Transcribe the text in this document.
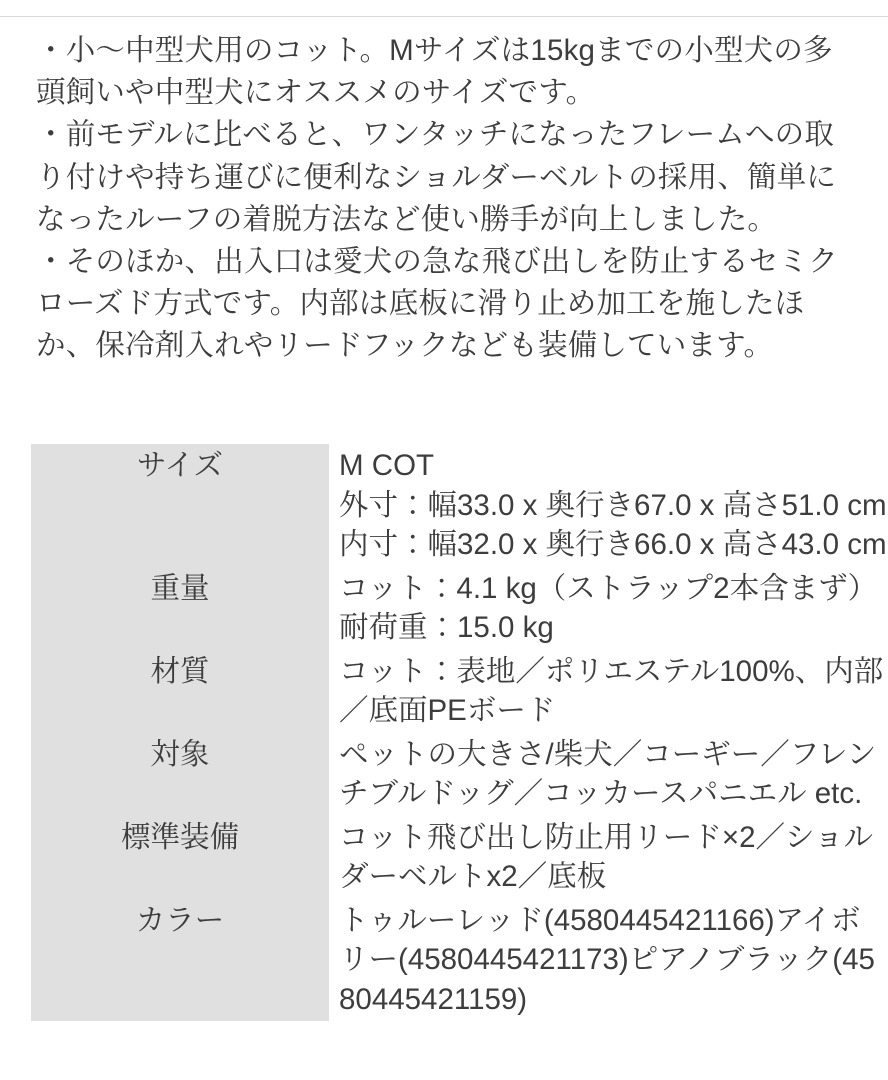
・小〜中型犬用のコット。Mサイズは15kgまでの小型犬の多頭飼いや中型犬にオススメのサイズです。

・前モデルに比べると、ワンタッチになったフレームへの取り付けや持ち運びに便利なショルダーベルトの採用、簡単になったルーフの着脱方法など使い勝手が向上しました。

・そのほか、出入口は愛犬の急な飛び出しを防止するセミクローズド方式です。内部は底板に滑り止め加工を施したほか、保冷剤入れやリードフックなども装備しています。

サイズ	M COT
外寸：幅33.0 x 奥行き67.0 x 高さ51.0 cm
内寸：幅32.0 x 奥行き66.0 x 高さ43.0 cm

重量	コット：4.1 kg（ストラップ2本含まず）耐荷重：15.0 kg

材質	コット：表地／ポリエステル100%、内部／底面PEボード

対象	ペットの大きさ/柴犬／コーギー／フレンチブルドッグ／コッカースパニエル etc.

標準装備	コット飛び出し防止用リード×2／ショルダーベルトx2／底板

カラー	トゥルーレッド(4580445421166)アイボリー(4580445421173)ピアノブラック(4580445421159)
